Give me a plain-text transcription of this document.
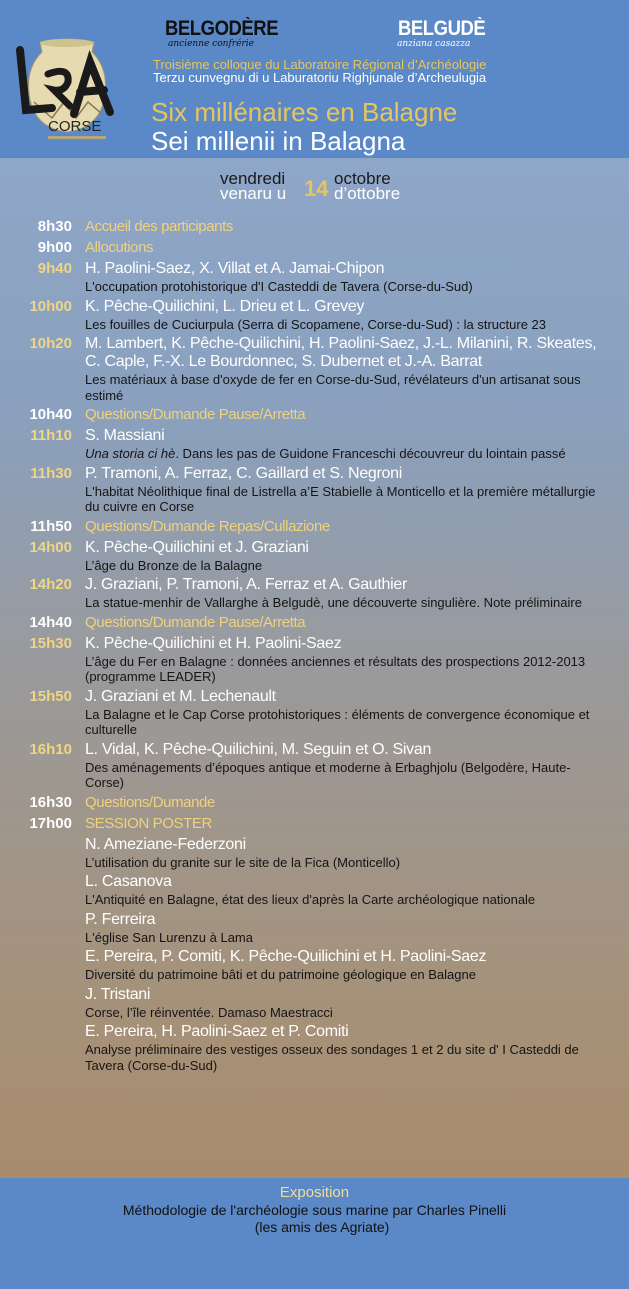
CORSE
BELGODÈRE
ancienne confrérie
BELGUDÈ
anziana casazza
Troisième colloque du Laboratoire Régional d’Archéologie
Terzu cunvegnu di u Laburatoriu Righjunale d’Archeulugia
Six millénaires en Balagne
Sei millenii in Balagna
vendredi
venaru u 14 octobre
d’ottobre
8h30 Accueil des participants
9h00 Allocutions
9h40 H. Paolini-Saez, X. Villat et A. Jamai-Chipon
L'occupation protohistorique d'I Casteddi de Tavera (Corse-du-Sud)
10h00 K. Pêche-Quilichini, L. Drieu et L. Grevey
Les fouilles de Cuciurpula (Serra di Scopamene, Corse-du-Sud) : la structure 23
10h20 M. Lambert, K. Pêche-Quilichini, H. Paolini-Saez, J.-L. Milanini, R. Skeates, C. Caple, F.-X. Le Bourdonnec, S. Dubernet et J.-A. Barrat
Les matériaux à base d'oxyde de fer en Corse-du-Sud, révélateurs d'un artisanat sous estimé
10h40 Questions/Dumande Pause/Arretta
11h10 S. Massiani
Una storia ci hè. Dans les pas de Guidone Franceschi découvreur du lointain passé
11h30 P. Tramoni, A. Ferraz, C. Gaillard et S. Negroni
L'habitat Néolithique final de Listrella a’E Stabielle à Monticello et la première métallurgie du cuivre en Corse
11h50 Questions/Dumande Repas/Cullazione
14h00 K. Pêche-Quilichini et J. Graziani
L’âge du Bronze de la Balagne
14h20 J. Graziani, P. Tramoni, A. Ferraz et A. Gauthier
La statue-menhir de Vallarghe à Belgudè, une découverte singulière. Note préliminaire
14h40 Questions/Dumande Pause/Arretta
15h30 K. Pêche-Quilichini et H. Paolini-Saez
L’âge du Fer en Balagne : données anciennes et résultats des prospections 2012-2013 (programme LEADER)
15h50 J. Graziani et M. Lechenault
La Balagne et le Cap Corse protohistoriques : éléments de convergence économique et culturelle
16h10 L. Vidal, K. Pêche-Quilichini, M. Seguin et O. Sivan
Des aménagements d’époques antique et moderne à Erbaghjolu (Belgodère, Haute-Corse)
16h30 Questions/Dumande
17h00 SESSION POSTER
N. Ameziane-Federzoni
L’utilisation du granite sur le site de la Fica (Monticello)
L. Casanova
L'Antiquité en Balagne, état des lieux d'après la Carte archéologique nationale
P. Ferreira
L'église San Lurenzu à Lama
E. Pereira, P. Comiti, K. Pêche-Quilichini et H. Paolini-Saez
Diversité du patrimoine bâti et du patrimoine géologique en Balagne
J. Tristani
Corse, l’île réinventée. Damaso Maestracci
E. Pereira, H. Paolini-Saez et P. Comiti
Analyse préliminaire des vestiges osseux des sondages 1 et 2 du site d' I Casteddi de Tavera (Corse-du-Sud)
Exposition
Méthodologie de l'archéologie sous marine par Charles Pinelli
(les amis des Agriate)
